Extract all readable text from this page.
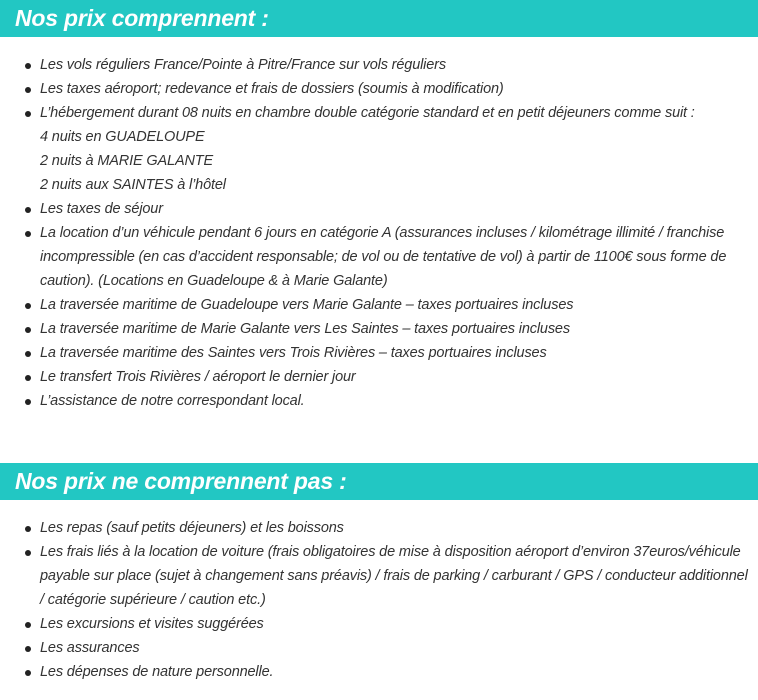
Nos prix comprennent :
Les vols réguliers France/Pointe à Pitre/France sur vols réguliers
Les taxes aéroport; redevance et frais de dossiers (soumis à modification)
L’hébergement durant 08 nuits en chambre double catégorie standard et en petit déjeuners comme suit :
4 nuits en GUADELOUPE
2 nuits à MARIE GALANTE
2 nuits aux SAINTES à l’hôtel
Les taxes de séjour
La location d’un véhicule pendant 6 jours en catégorie A (assurances incluses / kilométrage illimité / franchise incompressible (en cas d’accident responsable; de vol ou de tentative de vol) à partir de 1100€ sous forme de caution). (Locations en Guadeloupe & à Marie Galante)
La traversée maritime de Guadeloupe vers Marie Galante – taxes portuaires incluses
La traversée maritime de Marie Galante vers Les Saintes – taxes portuaires incluses
La traversée maritime des Saintes vers Trois Rivières – taxes portuaires incluses
Le transfert Trois Rivières / aéroport le dernier jour
L’assistance de notre correspondant local.
Nos prix ne comprennent pas :
Les repas (sauf petits déjeuners) et les boissons
Les frais liés à la location de voiture (frais obligatoires de mise à disposition aéroport d’environ 37euros/véhicule payable sur place (sujet à changement sans préavis) / frais de parking / carburant / GPS / conducteur additionnel / catégorie supérieure / caution etc.)
Les excursions et visites suggérées
Les assurances
Les dépenses de nature personnelle.
